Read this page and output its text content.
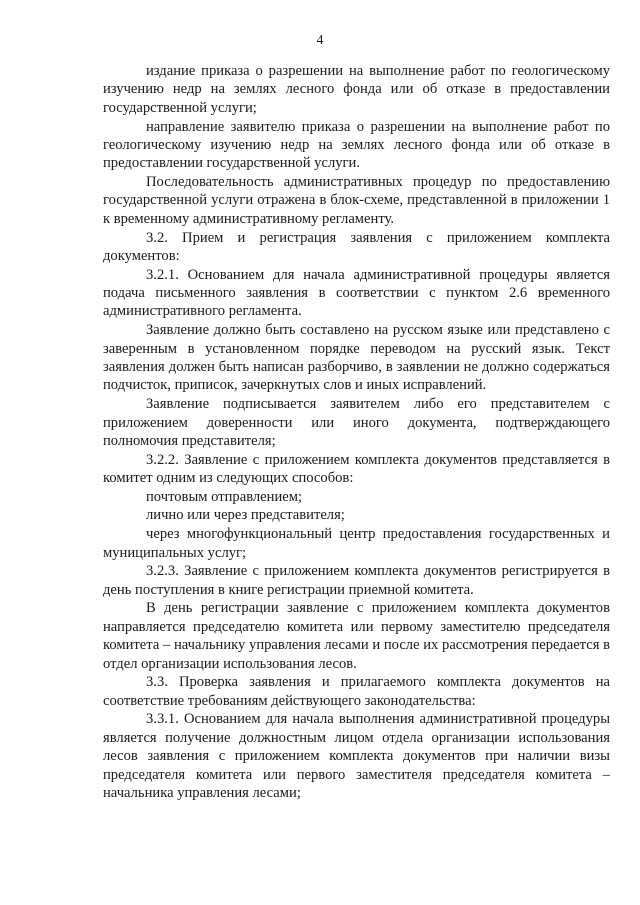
4

издание приказа о разрешении на выполнение работ по геологическому изучению недр на землях лесного фонда или об отказе в предоставлении государственной услуги;

направление заявителю приказа о разрешении на выполнение работ по геологическому изучению недр на землях лесного фонда или об отказе в предоставлении государственной услуги.

Последовательность административных процедур по предоставлению государственной услуги отражена в блок-схеме, представленной в приложении 1 к временному административному регламенту.

3.2. Прием и регистрация заявления с приложением комплекта документов:

3.2.1. Основанием для начала административной процедуры является подача письменного заявления в соответствии с пунктом 2.6 временного административного регламента.

Заявление должно быть составлено на русском языке или представлено с заверенным в установленном порядке переводом на русский язык. Текст заявления должен быть написан разборчиво, в заявлении не должно содержаться подчисток, приписок, зачеркнутых слов и иных исправлений.

Заявление подписывается заявителем либо его представителем с приложением доверенности или иного документа, подтверждающего полномочия представителя;

3.2.2. Заявление с приложением комплекта документов представляется в комитет одним из следующих способов:

почтовым отправлением;

лично или через представителя;

через многофункциональный центр предоставления государственных и муниципальных услуг;

3.2.3. Заявление с приложением комплекта документов регистрируется в день поступления в книге регистрации приемной комитета.

В день регистрации заявление с приложением комплекта документов направляется председателю комитета или первому заместителю председателя комитета – начальнику управления лесами и после их рассмотрения передается в отдел организации использования лесов.

3.3. Проверка заявления и прилагаемого комплекта документов на соответствие требованиям действующего законодательства:

3.3.1. Основанием для начала выполнения административной процедуры является получение должностным лицом отдела организации использования лесов заявления с приложением комплекта документов при наличии визы председателя комитета или первого заместителя председателя комитета – начальника управления лесами;
